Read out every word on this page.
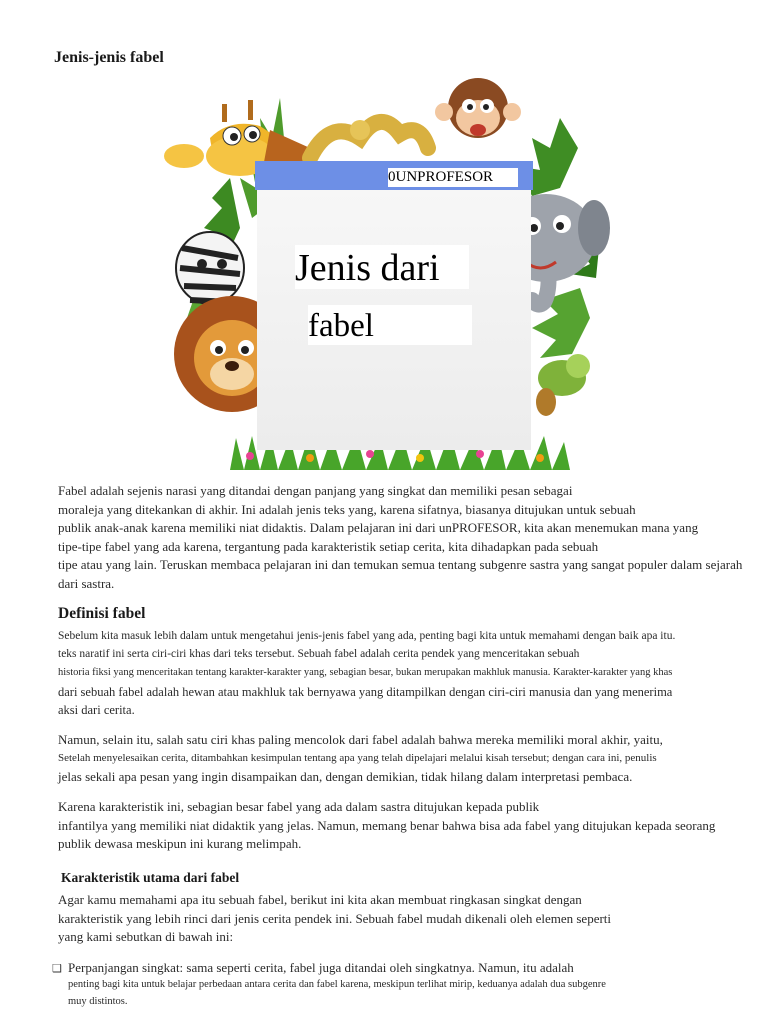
Jenis-jenis fabel
0UNPROFESOR
Jenis dari
fabel
Fabel adalah sejenis narasi yang ditandai dengan panjang yang singkat dan memiliki pesan sebagai
moraleja yang ditekankan di akhir. Ini adalah jenis teks yang, karena sifatnya, biasanya ditujukan untuk sebuah
publik anak-anak karena memiliki niat didaktis. Dalam pelajaran ini dari unPROFESOR, kita akan menemukan mana yang
tipe-tipe fabel yang ada karena, tergantung pada karakteristik setiap cerita, kita dihadapkan pada sebuah
tipe atau yang lain. Teruskan membaca pelajaran ini dan temukan semua tentang subgenre sastra yang sangat populer dalam sejarah
dari sastra.
Definisi fabel
Sebelum kita masuk lebih dalam untuk mengetahui jenis-jenis fabel yang ada, penting bagi kita untuk memahami dengan baik apa itu.
teks naratif ini serta ciri-ciri khas dari teks tersebut. Sebuah fabel adalah cerita pendek yang menceritakan sebuah
historia fiksi yang menceritakan tentang karakter-karakter yang, sebagian besar, bukan merupakan makhluk manusia. Karakter-karakter yang khas
dari sebuah fabel adalah hewan atau makhluk tak bernyawa yang ditampilkan dengan ciri-ciri manusia dan yang menerima
aksi dari cerita.
Namun, selain itu, salah satu ciri khas paling mencolok dari fabel adalah bahwa mereka memiliki moral akhir, yaitu,
Setelah menyelesaikan cerita, ditambahkan kesimpulan tentang apa yang telah dipelajari melalui kisah tersebut; dengan cara ini, penulis
jelas sekali apa pesan yang ingin disampaikan dan, dengan demikian, tidak hilang dalam interpretasi pembaca.
Karena karakteristik ini, sebagian besar fabel yang ada dalam sastra ditujukan kepada publik
infantilya yang memiliki niat didaktik yang jelas. Namun, memang benar bahwa bisa ada fabel yang ditujukan kepada seorang
publik dewasa meskipun ini kurang melimpah.
Karakteristik utama dari fabel
Agar kamu memahami apa itu sebuah fabel, berikut ini kita akan membuat ringkasan singkat dengan
karakteristik yang lebih rinci dari jenis cerita pendek ini. Sebuah fabel mudah dikenali oleh elemen seperti
yang kami sebutkan di bawah ini:
❑ Perpanjangan singkat: sama seperti cerita, fabel juga ditandai oleh singkatnya. Namun, itu adalah
penting bagi kita untuk belajar perbedaan antara cerita dan fabel karena, meskipun terlihat mirip, keduanya adalah dua subgenre
muy distintos.
